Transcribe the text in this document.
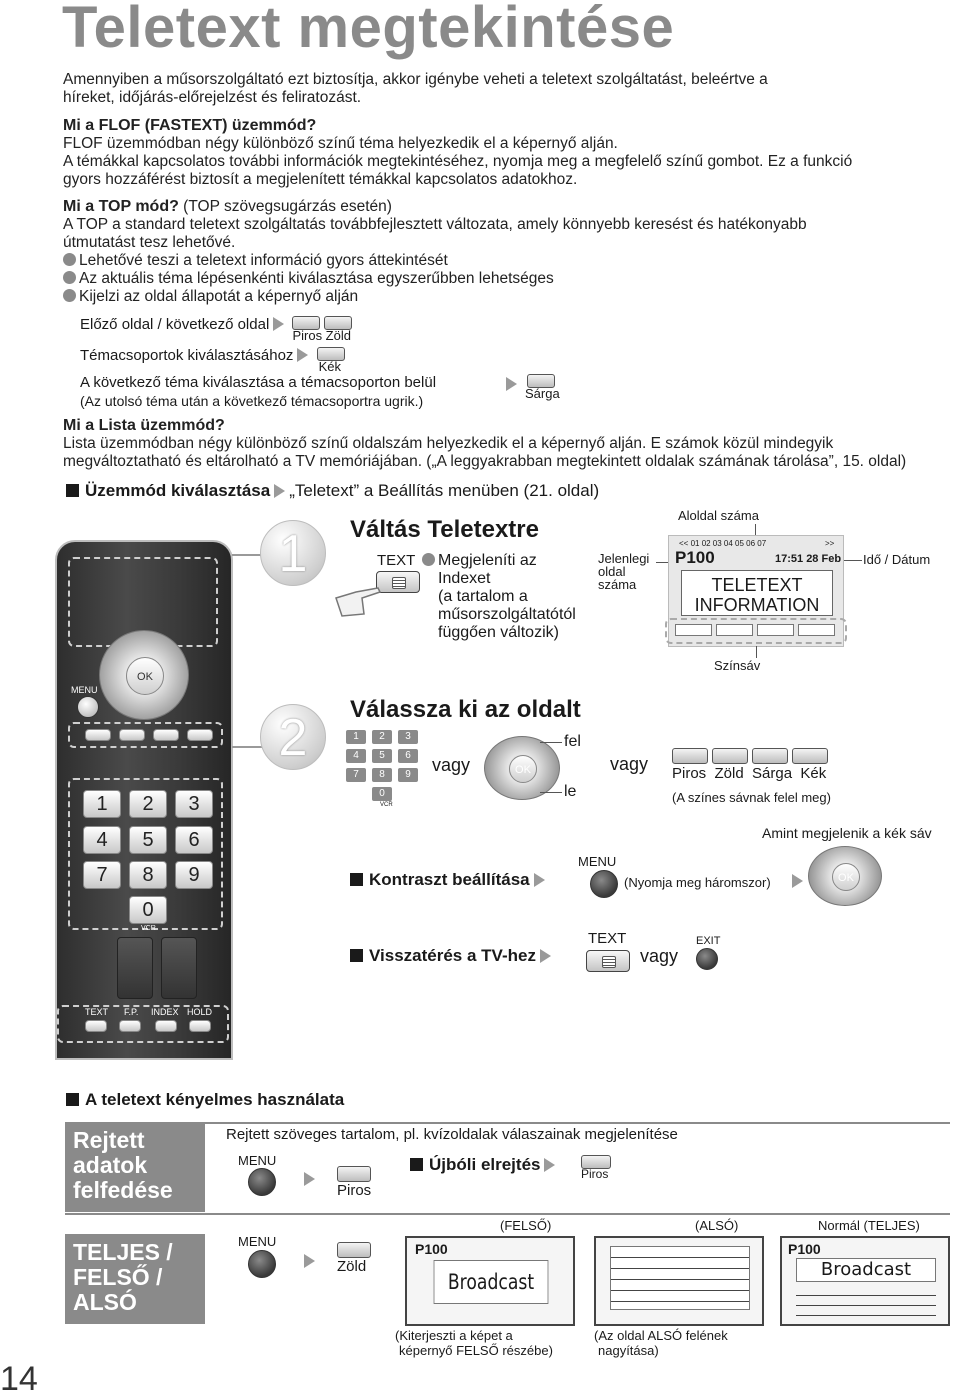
Teletext megtekintése

Amennyiben a műsorszolgáltató ezt biztosítja, akkor igénybe veheti a teletext szolgáltatást, beleértve a

híreket, időjárás-előrejelzést és feliratozást.

Mi a FLOF (FASTEXT) üzemmód?

FLOF üzemmódban négy különböző színű téma helyezkedik el a képernyő alján.

A témákkal kapcsolatos további információk megtekintéséhez, nyomja meg a megfelelő színű gombot. Ez a funkció

gyors hozzáférést biztosít a megjelenített témákkal kapcsolatos adatokhoz.

Mi a TOP mód? (TOP szövegsugárzás esetén)

A TOP a standard teletext szolgáltatás továbbfejlesztett változata, amely könnyebb keresést és hatékonyabb

útmutatást tesz lehetővé.

Lehetővé teszi a teletext információ gyors áttekintését

Az aktuális téma lépésenkénti kiválasztása egyszerűbben lehetséges

Kijelzi az oldal állapotát a képernyő alján

Előző oldal / következő oldal
Piros Zöld
Témacsoportok kiválasztásához
Kék

A következő téma kiválasztása a témacsoporton belül

(Az utolsó téma után a következő témacsoportra ugrik.)	Sárga

Mi a Lista üzemmód?

Lista üzemmódban négy különböző színű oldalszám helyezkedik el a képernyő alján. E számok közül mindegyik

megváltoztatható és eltárolható a TV memóriájában. („A leggyakrabban megtekintett oldalak számának tárolása”, 15. oldal)

Üzemmód kiválasztása „Teletext” a Beállítás menüben (21. oldal)
OK
MENU
1	2	3
4	5	6
7	8	9
0
VCR
TEXT F.P. INDEX HOLD
1	Váltás Teletextre
TEXT	Megjeleníti az

Indexet

(a tartalom a

műsorszolgáltatótól

függően változik)

Jelenlegi

oldal

száma

Aloldal száma
Idő / Dátum
<< 01 02 03 04 05 06 07	>>
P100	17:51 28 Feb

TELETEXT

INFORMATION

Színsáv
2	Válassza ki az oldalt
1	2	3
4	5	6
7	8	9
0
VCR
vagy	OK
fel
le
vagy Piros  Zöld  Sárga  Kék
(A színes sávnak felel meg)
Amint megjelenik a kék sáv
Kontraszt beállítása
MENU
(Nyomja meg háromszor)	OK
Visszatérés a TV-hez
TEXT
vagy
EXIT
A teletext kényelmes használata

Rejtett

adatok

felfedése

Rejtett szöveges tartalom, pl. kvízoldalak válaszainak megjelenítése
MENU
Piros
Újbóli elrejtés	Piros

TELJES /

FELSŐ /

ALSÓ

MENU
Zöld
(FELSŐ)	(ALSÓ)	Normál (TELJES)
P100
Broadcast
P100
Broadcast

(Kiterjeszti a képet a

képernyő FELSŐ részébe)

(Az oldal ALSÓ felének

nagyítása)

14
